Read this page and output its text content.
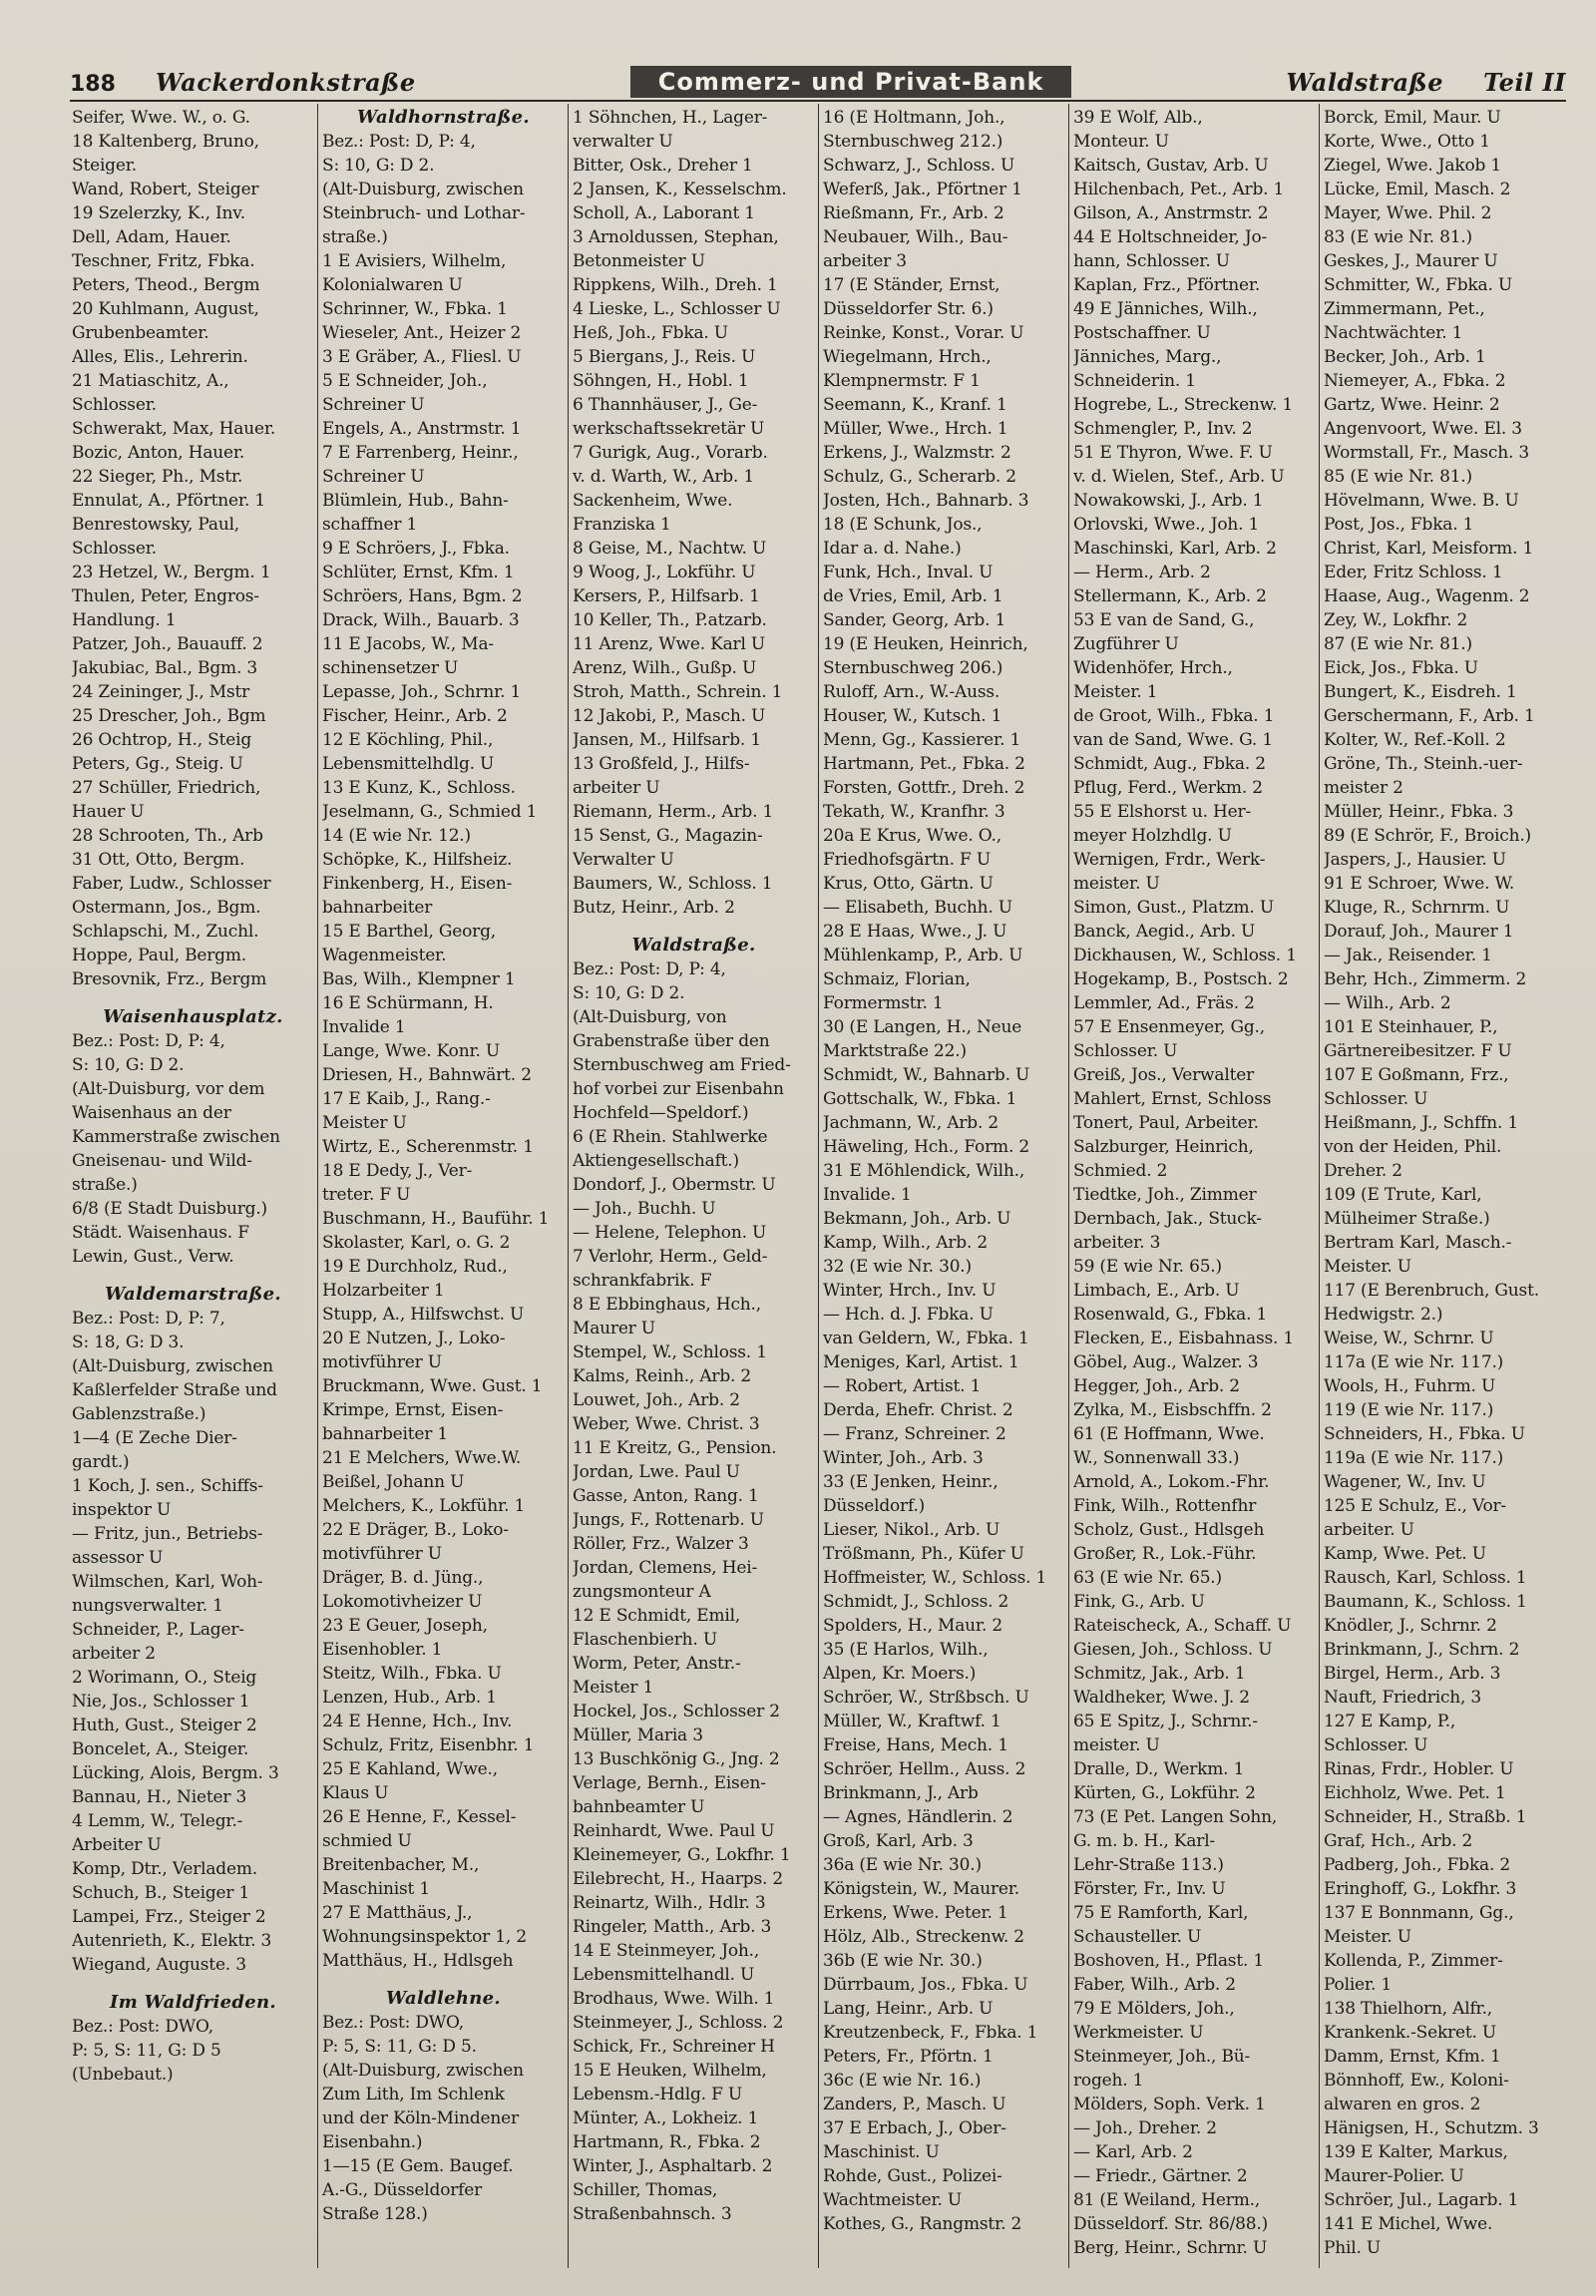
188 Wackerdonkstraße	Commerz- und Privat-Bank	Waldstraße Teil II
Seifer, Wwe. W., o. G.
18 Kaltenberg, Bruno,
Steiger.
Wand, Robert, Steiger
19 Szelerzky, K., Inv.
Dell, Adam, Hauer.
Teschner, Fritz, Fbka.
Peters, Theod., Bergm
20 Kuhlmann, August,
Grubenbeamter.
Alles, Elis., Lehrerin.
21 Matiaschitz, A.,
Schlosser.
Schwerakt, Max, Hauer.
Bozic, Anton, Hauer.
22 Sieger, Ph., Mstr.
Ennulat, A., Pförtner. 1
Benrestowsky, Paul,
Schlosser.
23 Hetzel, W., Bergm. 1
Thulen, Peter, Engros-
Handlung. 1
Patzer, Joh., Bauauff. 2
Jakubiac, Bal., Bgm. 3
24 Zeininger, J., Mstr
25 Drescher, Joh., Bgm
26 Ochtrop, H., Steig
Peters, Gg., Steig. U
27 Schüller, Friedrich,
Hauer U
28 Schrooten, Th., Arb
31 Ott, Otto, Bergm.
Faber, Ludw., Schlosser
Ostermann, Jos., Bgm.
Schlapschi, M., Zuchl.
Hoppe, Paul, Bergm.
Bresovnik, Frz., Bergm
Waisenhausplatz.
Bez.: Post: D, P: 4,
S: 10, G: D 2.
(Alt-Duisburg, vor dem
Waisenhaus an der
Kammerstraße zwischen
Gneisenau- und Wild-
straße.)
6/8 (E Stadt Duisburg.)
Städt. Waisenhaus. F
Lewin, Gust., Verw.
Waldemarstraße.
Bez.: Post: D, P: 7,
S: 18, G: D 3.
(Alt-Duisburg, zwischen
Kaßlerfelder Straße und
Gablenzstraße.)
1—4 (E Zeche Dier-
gardt.)
1 Koch, J. sen., Schiffs-
inspektor U
— Fritz, jun., Betriebs-
assessor U
Wilmschen, Karl, Woh-
nungsverwalter. 1
Schneider, P., Lager-
arbeiter 2
2 Worimann, O., Steig
Nie, Jos., Schlosser 1
Huth, Gust., Steiger 2
Boncelet, A., Steiger.
Lücking, Alois, Bergm. 3
Bannau, H., Nieter 3
4 Lemm, W., Telegr.-
Arbeiter U
Komp, Dtr., Verladem.
Schuch, B., Steiger 1
Lampei, Frz., Steiger 2
Autenrieth, K., Elektr. 3
Wiegand, Auguste. 3
Im Waldfrieden.
Bez.: Post: DWO,
P: 5, S: 11, G: D 5
(Unbebaut.)
Waldhornstraße.
Bez.: Post: D, P: 4,
S: 10, G: D 2.
(Alt-Duisburg, zwischen
Steinbruch- und Lothar-
straße.)
1 E Avisiers, Wilhelm,
Kolonialwaren U
Schrinner, W., Fbka. 1
Wieseler, Ant., Heizer 2
3 E Gräber, A., Fliesl. U
5 E Schneider, Joh.,
Schreiner U
Engels, A., Anstrmstr. 1
7 E Farrenberg, Heinr.,
Schreiner U
Blümlein, Hub., Bahn-
schaffner 1
9 E Schröers, J., Fbka.
Schlüter, Ernst, Kfm. 1
Schröers, Hans, Bgm. 2
Drack, Wilh., Bauarb. 3
11 E Jacobs, W., Ma-
schinensetzer U
Lepasse, Joh., Schrnr. 1
Fischer, Heinr., Arb. 2
12 E Köchling, Phil.,
Lebensmittelhdlg. U
13 E Kunz, K., Schloss.
Jeselmann, G., Schmied 1
14 (E wie Nr. 12.)
Schöpke, K., Hilfsheiz.
Finkenberg, H., Eisen-
bahnarbeiter
15 E Barthel, Georg,
Wagenmeister.
Bas, Wilh., Klempner 1
16 E Schürmann, H.
Invalide 1
Lange, Wwe. Konr. U
Driesen, H., Bahnwärt. 2
17 E Kaib, J., Rang.-
Meister U
Wirtz, E., Scherenmstr. 1
18 E Dedy, J., Ver-
treter. F U
Buschmann, H., Bauführ. 1
Skolaster, Karl, o. G. 2
19 E Durchholz, Rud.,
Holzarbeiter 1
Stupp, A., Hilfswchst. U
20 E Nutzen, J., Loko-
motivführer U
Bruckmann, Wwe. Gust. 1
Krimpe, Ernst, Eisen-
bahnarbeiter 1
21 E Melchers, Wwe.W.
Beißel, Johann U
Melchers, K., Lokführ. 1
22 E Dräger, B., Loko-
motivführer U
Dräger, B. d. Jüng.,
Lokomotivheizer U
23 E Geuer, Joseph,
Eisenhobler. 1
Steitz, Wilh., Fbka. U
Lenzen, Hub., Arb. 1
24 E Henne, Hch., Inv.
Schulz, Fritz, Eisenbhr. 1
25 E Kahland, Wwe.,
Klaus U
26 E Henne, F., Kessel-
schmied U
Breitenbacher, M.,
Maschinist 1
27 E Matthäus, J.,
Wohnungsinspektor 1, 2
Matthäus, H., Hdlsgeh
Waldlehne.
Bez.: Post: DWO,
P: 5, S: 11, G: D 5.
(Alt-Duisburg, zwischen
Zum Lith, Im Schlenk
und der Köln-Mindener
Eisenbahn.)
1—15 (E Gem. Baugef.
A.-G., Düsseldorfer
Straße 128.)
1 Söhnchen, H., Lager-
verwalter U
Bitter, Osk., Dreher 1
2 Jansen, K., Kesselschm.
Scholl, A., Laborant 1
3 Arnoldussen, Stephan,
Betonmeister U
Rippkens, Wilh., Dreh. 1
4 Lieske, L., Schlosser U
Heß, Joh., Fbka. U
5 Biergans, J., Reis. U
Söhngen, H., Hobl. 1
6 Thannhäuser, J., Ge-
werkschaftssekretär U
7 Gurigk, Aug., Vorarb.
v. d. Warth, W., Arb. 1
Sackenheim, Wwe.
Franziska 1
8 Geise, M., Nachtw. U
9 Woog, J., Lokführ. U
Kersers, P., Hilfsarb. 1
10 Keller, Th., P.atzarb.
11 Arenz, Wwe. Karl U
Arenz, Wilh., Gußp. U
Stroh, Matth., Schrein. 1
12 Jakobi, P., Masch. U
Jansen, M., Hilfsarb. 1
13 Großfeld, J., Hilfs-
arbeiter U
Riemann, Herm., Arb. 1
15 Senst, G., Magazin-
Verwalter U
Baumers, W., Schloss. 1
Butz, Heinr., Arb. 2
Waldstraße.
Bez.: Post: D, P: 4,
S: 10, G: D 2.
(Alt-Duisburg, von
Grabenstraße über den
Sternbuschweg am Fried-
hof vorbei zur Eisenbahn
Hochfeld—Speldorf.)
6 (E Rhein. Stahlwerke
Aktiengesellschaft.)
Dondorf, J., Obermstr. U
— Joh., Buchh. U
— Helene, Telephon. U
7 Verlohr, Herm., Geld-
schrankfabrik. F
8 E Ebbinghaus, Hch.,
Maurer U
Stempel, W., Schloss. 1
Kalms, Reinh., Arb. 2
Louwet, Joh., Arb. 2
Weber, Wwe. Christ. 3
11 E Kreitz, G., Pension.
Jordan, Lwe. Paul U
Gasse, Anton, Rang. 1
Jungs, F., Rottenarb. U
Röller, Frz., Walzer 3
Jordan, Clemens, Hei-
zungsmonteur A
12 E Schmidt, Emil,
Flaschenbierh. U
Worm, Peter, Anstr.-
Meister 1
Hockel, Jos., Schlosser 2
Müller, Maria 3
13 Buschkönig G., Jng. 2
Verlage, Bernh., Eisen-
bahnbeamter U
Reinhardt, Wwe. Paul U
Kleinemeyer, G., Lokfhr. 1
Eilebrecht, H., Haarps. 2
Reinartz, Wilh., Hdlr. 3
Ringeler, Matth., Arb. 3
14 E Steinmeyer, Joh.,
Lebensmittelhandl. U
Brodhaus, Wwe. Wilh. 1
Steinmeyer, J., Schloss. 2
Schick, Fr., Schreiner H
15 E Heuken, Wilhelm,
Lebensm.-Hdlg. F U
Münter, A., Lokheiz. 1
Hartmann, R., Fbka. 2
Winter, J., Asphaltarb. 2
Schiller, Thomas,
Straßenbahnsch. 3
16 (E Holtmann, Joh.,
Sternbuschweg 212.)
Schwarz, J., Schloss. U
Weferß, Jak., Pförtner 1
Rießmann, Fr., Arb. 2
Neubauer, Wilh., Bau-
arbeiter 3
17 (E Ständer, Ernst,
Düsseldorfer Str. 6.)
Reinke, Konst., Vorar. U
Wiegelmann, Hrch.,
Klempnermstr. F 1
Seemann, K., Kranf. 1
Müller, Wwe., Hrch. 1
Erkens, J., Walzmstr. 2
Schulz, G., Scherarb. 2
Josten, Hch., Bahnarb. 3
18 (E Schunk, Jos.,
Idar a. d. Nahe.)
Funk, Hch., Inval. U
de Vries, Emil, Arb. 1
Sander, Georg, Arb. 1
19 (E Heuken, Heinrich,
Sternbuschweg 206.)
Ruloff, Arn., W.-Auss.
Houser, W., Kutsch. 1
Menn, Gg., Kassierer. 1
Hartmann, Pet., Fbka. 2
Forsten, Gottfr., Dreh. 2
Tekath, W., Kranfhr. 3
20a E Krus, Wwe. O.,
Friedhofsgärtn. F U
Krus, Otto, Gärtn. U
— Elisabeth, Buchh. U
28 E Haas, Wwe., J. U
Mühlenkamp, P., Arb. U
Schmaiz, Florian,
Formermstr. 1
30 (E Langen, H., Neue
Marktstraße 22.)
Schmidt, W., Bahnarb. U
Gottschalk, W., Fbka. 1
Jachmann, W., Arb. 2
Häweling, Hch., Form. 2
31 E Möhlendick, Wilh.,
Invalide. 1
Bekmann, Joh., Arb. U
Kamp, Wilh., Arb. 2
32 (E wie Nr. 30.)
Winter, Hrch., Inv. U
— Hch. d. J. Fbka. U
van Geldern, W., Fbka. 1
Meniges, Karl, Artist. 1
— Robert, Artist. 1
Derda, Ehefr. Christ. 2
— Franz, Schreiner. 2
Winter, Joh., Arb. 3
33 (E Jenken, Heinr.,
Düsseldorf.)
Lieser, Nikol., Arb. U
Trößmann, Ph., Küfer U
Hoffmeister, W., Schloss. 1
Schmidt, J., Schloss. 2
Spolders, H., Maur. 2
35 (E Harlos, Wilh.,
Alpen, Kr. Moers.)
Schröer, W., Strßbsch. U
Müller, W., Kraftwf. 1
Freise, Hans, Mech. 1
Schröer, Hellm., Auss. 2
Brinkmann, J., Arb
— Agnes, Händlerin. 2
Groß, Karl, Arb. 3
36a (E wie Nr. 30.)
Königstein, W., Maurer.
Erkens, Wwe. Peter. 1
Hölz, Alb., Streckenw. 2
36b (E wie Nr. 30.)
Dürrbaum, Jos., Fbka. U
Lang, Heinr., Arb. U
Kreutzenbeck, F., Fbka. 1
Peters, Fr., Pförtn. 1
36c (E wie Nr. 16.)
Zanders, P., Masch. U
37 E Erbach, J., Ober-
Maschinist. U
Rohde, Gust., Polizei-
Wachtmeister. U
Kothes, G., Rangmstr. 2
39 E Wolf, Alb.,
Monteur. U
Kaitsch, Gustav, Arb. U
Hilchenbach, Pet., Arb. 1
Gilson, A., Anstrmstr. 2
44 E Holtschneider, Jo-
hann, Schlosser. U
Kaplan, Frz., Pförtner.
49 E Jänniches, Wilh.,
Postschaffner. U
Jänniches, Marg.,
Schneiderin. 1
Hogrebe, L., Streckenw. 1
Schmengler, P., Inv. 2
51 E Thyron, Wwe. F. U
v. d. Wielen, Stef., Arb. U
Nowakowski, J., Arb. 1
Orlovski, Wwe., Joh. 1
Maschinski, Karl, Arb. 2
— Herm., Arb. 2
Stellermann, K., Arb. 2
53 E van de Sand, G.,
Zugführer U
Widenhöfer, Hrch.,
Meister. 1
de Groot, Wilh., Fbka. 1
van de Sand, Wwe. G. 1
Schmidt, Aug., Fbka. 2
Pflug, Ferd., Werkm. 2
55 E Elshorst u. Her-
meyer Holzhdlg. U
Wernigen, Frdr., Werk-
meister. U
Simon, Gust., Platzm. U
Banck, Aegid., Arb. U
Dickhausen, W., Schloss. 1
Hogekamp, B., Postsch. 2
Lemmler, Ad., Fräs. 2
57 E Ensenmeyer, Gg.,
Schlosser. U
Greiß, Jos., Verwalter
Mahlert, Ernst, Schloss
Tonert, Paul, Arbeiter.
Salzburger, Heinrich,
Schmied. 2
Tiedtke, Joh., Zimmer
Dernbach, Jak., Stuck-
arbeiter. 3
59 (E wie Nr. 65.)
Limbach, E., Arb. U
Rosenwald, G., Fbka. 1
Flecken, E., Eisbahnass. 1
Göbel, Aug., Walzer. 3
Hegger, Joh., Arb. 2
Zylka, M., Eisbschffn. 2
61 (E Hoffmann, Wwe.
W., Sonnenwall 33.)
Arnold, A., Lokom.-Fhr.
Fink, Wilh., Rottenfhr
Scholz, Gust., Hdlsgeh
Großer, R., Lok.-Führ.
63 (E wie Nr. 65.)
Fink, G., Arb. U
Rateischeck, A., Schaff. U
Giesen, Joh., Schloss. U
Schmitz, Jak., Arb. 1
Waldheker, Wwe. J. 2
65 E Spitz, J., Schrnr.-
meister. U
Dralle, D., Werkm. 1
Kürten, G., Lokführ. 2
73 (E Pet. Langen Sohn,
G. m. b. H., Karl-
Lehr-Straße 113.)
Förster, Fr., Inv. U
75 E Ramforth, Karl,
Schausteller. U
Boshoven, H., Pflast. 1
Faber, Wilh., Arb. 2
79 E Mölders, Joh.,
Werkmeister. U
Steinmeyer, Joh., Bü-
rogeh. 1
Mölders, Soph. Verk. 1
— Joh., Dreher. 2
— Karl, Arb. 2
— Friedr., Gärtner. 2
81 (E Weiland, Herm.,
Düsseldorf. Str. 86/88.)
Berg, Heinr., Schrnr. U
Borck, Emil, Maur. U
Korte, Wwe., Otto 1
Ziegel, Wwe. Jakob 1
Lücke, Emil, Masch. 2
Mayer, Wwe. Phil. 2
83 (E wie Nr. 81.)
Geskes, J., Maurer U
Schmitter, W., Fbka. U
Zimmermann, Pet.,
Nachtwächter. 1
Becker, Joh., Arb. 1
Niemeyer, A., Fbka. 2
Gartz, Wwe. Heinr. 2
Angenvoort, Wwe. El. 3
Wormstall, Fr., Masch. 3
85 (E wie Nr. 81.)
Hövelmann, Wwe. B. U
Post, Jos., Fbka. 1
Christ, Karl, Meisform. 1
Eder, Fritz Schloss. 1
Haase, Aug., Wagenm. 2
Zey, W., Lokfhr. 2
87 (E wie Nr. 81.)
Eick, Jos., Fbka. U
Bungert, K., Eisdreh. 1
Gerschermann, F., Arb. 1
Kolter, W., Ref.-Koll. 2
Gröne, Th., Steinh.-uer-
meister 2
Müller, Heinr., Fbka. 3
89 (E Schrör, F., Broich.)
Jaspers, J., Hausier. U
91 E Schroer, Wwe. W.
Kluge, R., Schrnrm. U
Dorauf, Joh., Maurer 1
— Jak., Reisender. 1
Behr, Hch., Zimmerm. 2
— Wilh., Arb. 2
101 E Steinhauer, P.,
Gärtnereibesitzer. F U
107 E Goßmann, Frz.,
Schlosser. U
Heißmann, J., Schffn. 1
von der Heiden, Phil.
Dreher. 2
109 (E Trute, Karl,
Mülheimer Straße.)
Bertram Karl, Masch.-
Meister. U
117 (E Berenbruch, Gust.
Hedwigstr. 2.)
Weise, W., Schrnr. U
117a (E wie Nr. 117.)
Wools, H., Fuhrm. U
119 (E wie Nr. 117.)
Schneiders, H., Fbka. U
119a (E wie Nr. 117.)
Wagener, W., Inv. U
125 E Schulz, E., Vor-
arbeiter. U
Kamp, Wwe. Pet. U
Rausch, Karl, Schloss. 1
Baumann, K., Schloss. 1
Knödler, J., Schrnr. 2
Brinkmann, J., Schrn. 2
Birgel, Herm., Arb. 3
Nauft, Friedrich, 3
127 E Kamp, P.,
Schlosser. U
Rinas, Frdr., Hobler. U
Eichholz, Wwe. Pet. 1
Schneider, H., Straßb. 1
Graf, Hch., Arb. 2
Padberg, Joh., Fbka. 2
Eringhoff, G., Lokfhr. 3
137 E Bonnmann, Gg.,
Meister. U
Kollenda, P., Zimmer-
Polier. 1
138 Thielhorn, Alfr.,
Krankenk.-Sekret. U
Damm, Ernst, Kfm. 1
Bönnhoff, Ew., Koloni-
alwaren en gros. 2
Hänigsen, H., Schutzm. 3
139 E Kalter, Markus,
Maurer-Polier. U
Schröer, Jul., Lagarb. 1
141 E Michel, Wwe.
Phil. U
